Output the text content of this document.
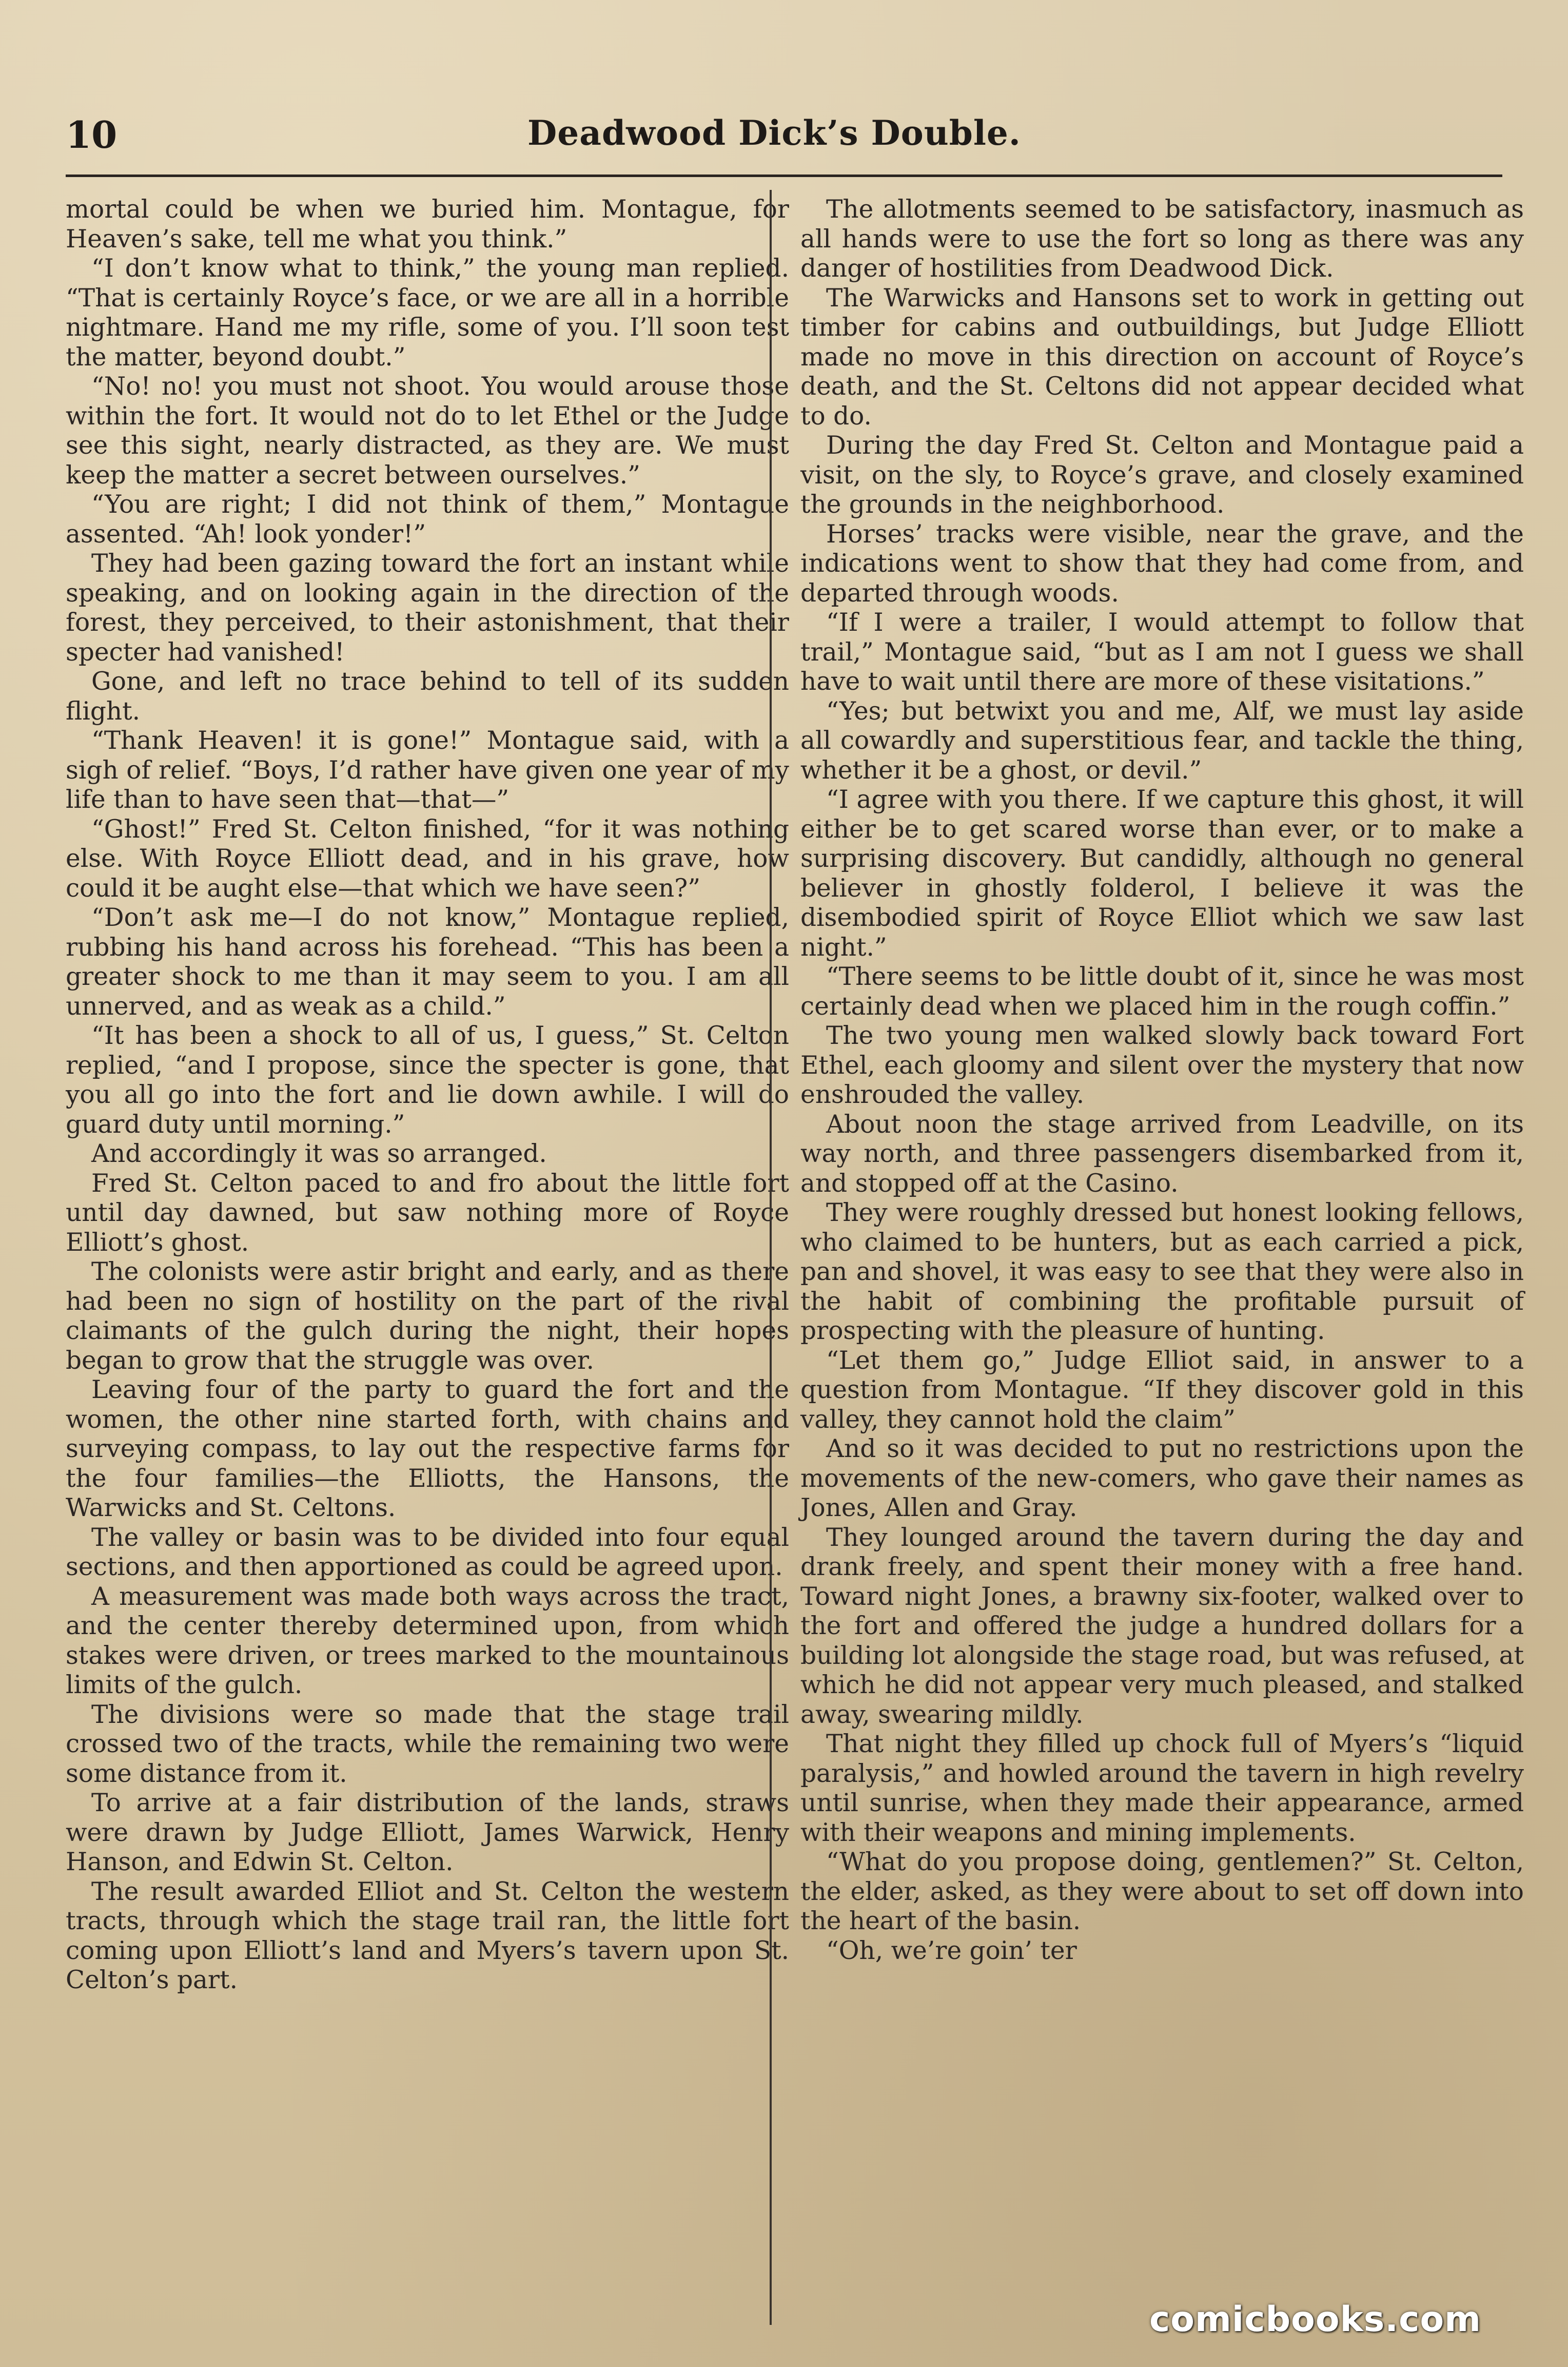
10	Deadwood Dick’s Double.

mortal could be when we buried him. Montague, for Heaven’s sake, tell me what you think.”

“I don’t know what to think,” the young man replied. “That is certainly Royce’s face, or we are all in a horrible nightmare. Hand me my rifle, some of you. I’ll soon test the matter, beyond doubt.”

“No! no! you must not shoot. You would arouse those within the fort. It would not do to let Ethel or the Judge see this sight, nearly distracted, as they are. We must keep the matter a secret between ourselves.”

“You are right; I did not think of them,” Montague assented. “Ah! look yonder!”

They had been gazing toward the fort an instant while speaking, and on looking again in the direction of the forest, they perceived, to their astonishment, that their specter had vanished!

Gone, and left no trace behind to tell of its sudden flight.

“Thank Heaven! it is gone!” Montague said, with a sigh of relief. “Boys, I’d rather have given one year of my life than to have seen that—that—”

“Ghost!” Fred St. Celton finished, “for it was nothing else. With Royce Elliott dead, and in his grave, how could it be aught else—that which we have seen?”

“Don’t ask me—I do not know,” Montague replied, rubbing his hand across his forehead. “This has been a greater shock to me than it may seem to you. I am all unnerved, and as weak as a child.”

“It has been a shock to all of us, I guess,” St. Celton replied, “and I propose, since the specter is gone, that you all go into the fort and lie down awhile. I will do guard duty until morning.”

And accordingly it was so arranged.

Fred St. Celton paced to and fro about the little fort until day dawned, but saw nothing more of Royce Elliott’s ghost.

The colonists were astir bright and early, and as there had been no sign of hostility on the part of the rival claimants of the gulch during the night, their hopes began to grow that the struggle was over.

Leaving four of the party to guard the fort and the women, the other nine started forth, with chains and surveying compass, to lay out the respective farms for the four families—the Elliotts, the Hansons, the Warwicks and St. Celtons.

The valley or basin was to be divided into four equal sections, and then apportioned as could be agreed upon.

A measurement was made both ways across the tract, and the center thereby determined upon, from which stakes were driven, or trees marked to the mountainous limits of the gulch.

The divisions were so made that the stage trail crossed two of the tracts, while the remaining two were some distance from it.

To arrive at a fair distribution of the lands, straws were drawn by Judge Elliott, James Warwick, Henry Hanson, and Edwin St. Celton.

The result awarded Elliot and St. Celton the western tracts, through which the stage trail ran, the little fort coming upon Elliott’s land and Myers’s tavern upon St. Celton’s part.

The allotments seemed to be satisfactory, inasmuch as all hands were to use the fort so long as there was any danger of hostilities from Deadwood Dick.

The Warwicks and Hansons set to work in getting out timber for cabins and outbuildings, but Judge Elliott made no move in this direction on account of Royce’s death, and the St. Celtons did not appear decided what to do.

During the day Fred St. Celton and Montague paid a visit, on the sly, to Royce’s grave, and closely examined the grounds in the neighborhood.

Horses’ tracks were visible, near the grave, and the indications went to show that they had come from, and departed through woods.

“If I were a trailer, I would attempt to follow that trail,” Montague said, “but as I am not I guess we shall have to wait until there are more of these visitations.”

“Yes; but betwixt you and me, Alf, we must lay aside all cowardly and superstitious fear, and tackle the thing, whether it be a ghost, or devil.”

“I agree with you there. If we capture this ghost, it will either be to get scared worse than ever, or to make a surprising discovery. But candidly, although no general believer in ghostly folderol, I believe it was the disembodied spirit of Royce Elliot which we saw last night.”

“There seems to be little doubt of it, since he was most certainly dead when we placed him in the rough coffin.”

The two young men walked slowly back toward Fort Ethel, each gloomy and silent over the mystery that now enshrouded the valley.

About noon the stage arrived from Leadville, on its way north, and three passengers disembarked from it, and stopped off at the Casino.

They were roughly dressed but honest looking fellows, who claimed to be hunters, but as each carried a pick, pan and shovel, it was easy to see that they were also in the habit of combining the profitable pursuit of prospecting with the pleasure of hunting.

“Let them go,” Judge Elliot said, in answer to a question from Montague. “If they discover gold in this valley, they cannot hold the claim”

And so it was decided to put no restrictions upon the movements of the new-comers, who gave their names as Jones, Allen and Gray.

They lounged around the tavern during the day and drank freely, and spent their money with a free hand. Toward night Jones, a brawny six-footer, walked over to the fort and offered the judge a hundred dollars for a building lot alongside the stage road, but was refused, at which he did not appear very much pleased, and stalked away, swearing mildly.

That night they filled up chock full of Myers’s “liquid paralysis,” and howled around the tavern in high revelry until sunrise, when they made their appearance, armed with their weapons and mining implements.

“What do you propose doing, gentlemen?” St. Celton, the elder, asked, as they were about to set off down into the heart of the basin.

“Oh, we’re goin’ ter

comicbooks.com
